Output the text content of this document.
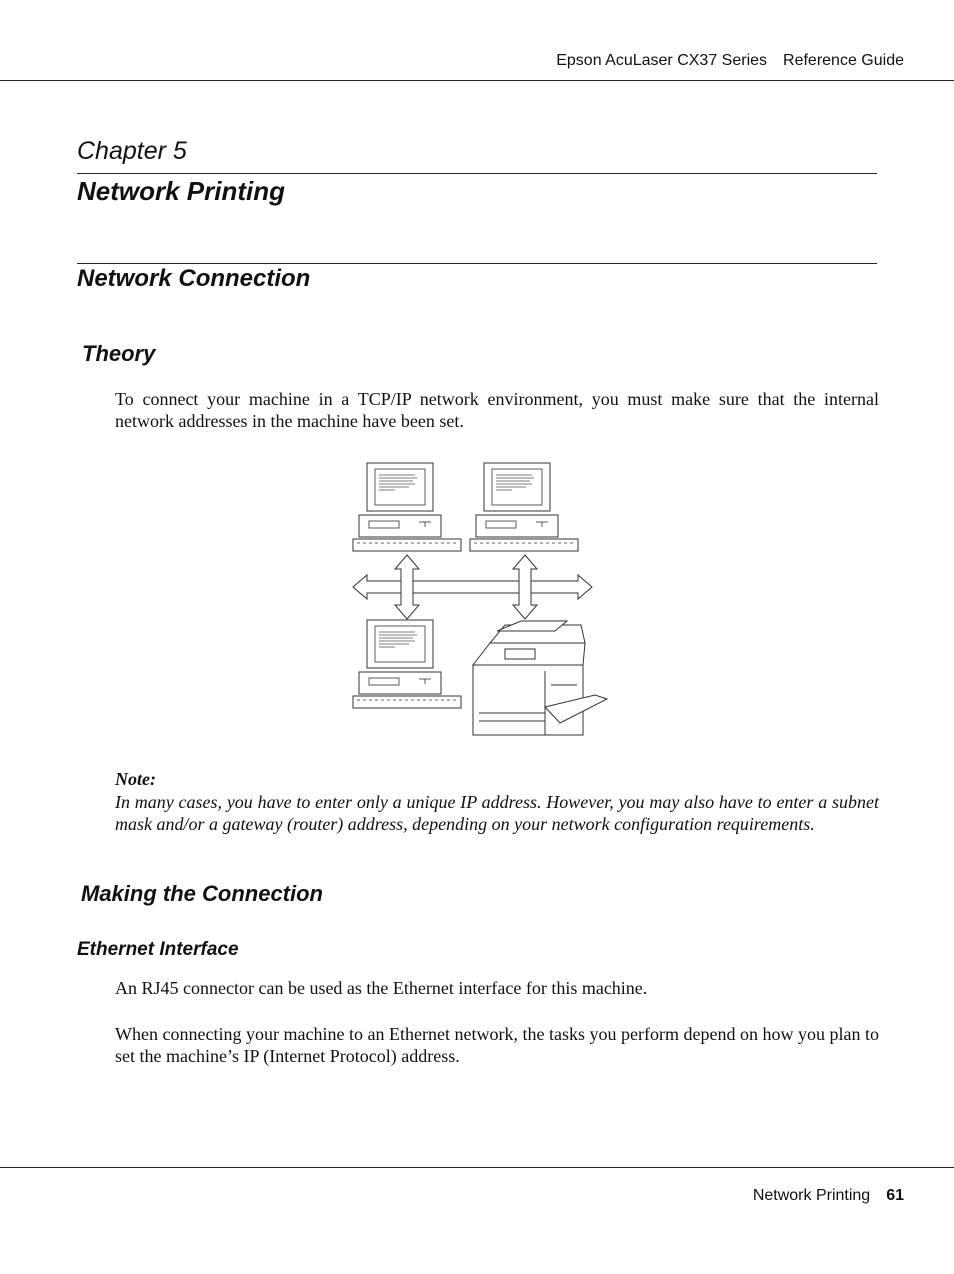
Epson AcuLaser CX37 Series Reference Guide
Chapter 5
Network Printing
Network Connection
Theory

To connect your machine in a TCP/IP network environment, you must make sure that the internal network addresses in the machine have been set.

Note:

In many cases, you have to enter only a unique IP address. However, you may also have to enter a subnet mask and/or a gateway (router) address, depending on your network configuration requirements.

Making the Connection
Ethernet Interface

An RJ45 connector can be used as the Ethernet interface for this machine.

When connecting your machine to an Ethernet network, the tasks you perform depend on how you plan to set the machine’s IP (Internet Protocol) address.

Network Printing 61
